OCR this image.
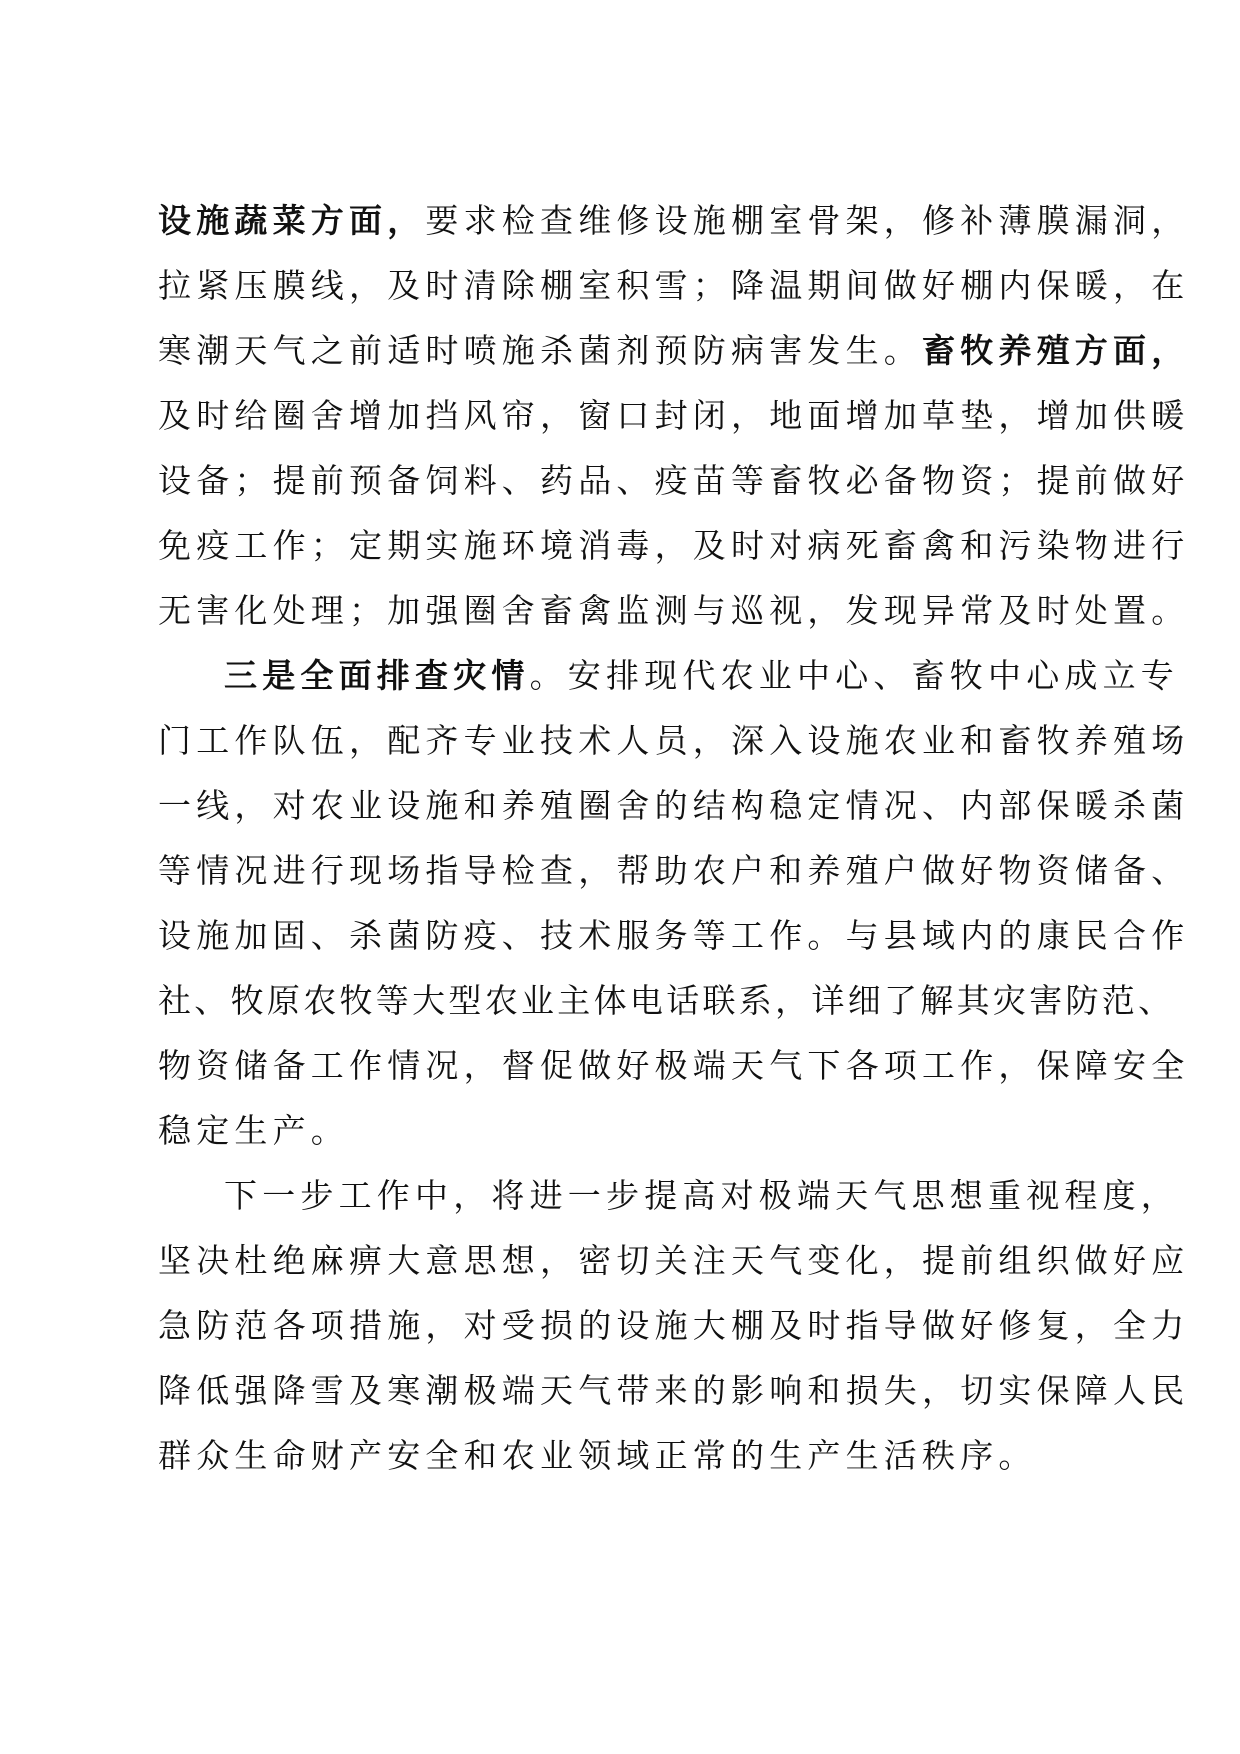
设施蔬菜方面，要求检查维修设施棚室骨架，修补薄膜漏洞，
拉紧压膜线，及时清除棚室积雪；降温期间做好棚内保暖，在
寒潮天气之前适时喷施杀菌剂预防病害发生。畜牧养殖方面，
及时给圈舍增加挡风帘，窗口封闭，地面增加草垫，增加供暖
设备；提前预备饲料、药品、疫苗等畜牧必备物资；提前做好
免疫工作；定期实施环境消毒，及时对病死畜禽和污染物进行
无害化处理；加强圈舍畜禽监测与巡视，发现异常及时处置。
三是全面排查灾情。安排现代农业中心、畜牧中心成立专
门工作队伍，配齐专业技术人员，深入设施农业和畜牧养殖场
一线，对农业设施和养殖圈舍的结构稳定情况、内部保暖杀菌
等情况进行现场指导检查，帮助农户和养殖户做好物资储备、
设施加固、杀菌防疫、技术服务等工作。与县域内的康民合作
社、牧原农牧等大型农业主体电话联系，详细了解其灾害防范、
物资储备工作情况，督促做好极端天气下各项工作，保障安全
稳定生产。
下一步工作中，将进一步提高对极端天气思想重视程度，
坚决杜绝麻痹大意思想，密切关注天气变化，提前组织做好应
急防范各项措施，对受损的设施大棚及时指导做好修复，全力
降低强降雪及寒潮极端天气带来的影响和损失，切实保障人民
群众生命财产安全和农业领域正常的生产生活秩序。
